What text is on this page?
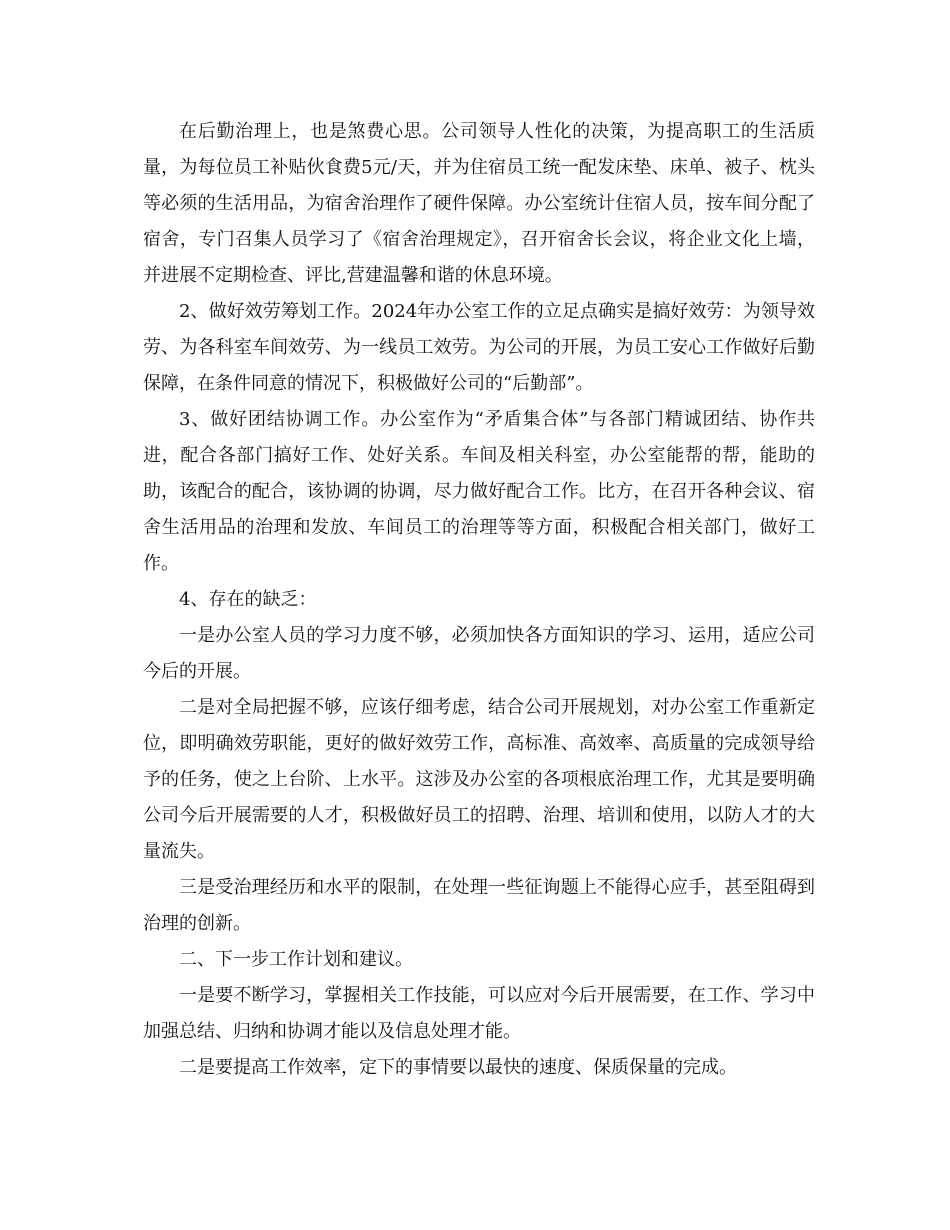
在后勤治理上，也是煞费心思。公司领导人性化的决策，为提高职工的生活质量，为每位员工补贴伙食费5元/天，并为住宿员工统一配发床垫、床单、被子、枕头等必须的生活用品，为宿舍治理作了硬件保障。办公室统计住宿人员，按车间分配了宿舍，专门召集人员学习了《宿舍治理规定》，召开宿舍长会议，将企业文化上墙，并进展不定期检查、评比,营建温馨和谐的休息环境。

2、做好效劳筹划工作。2024年办公室工作的立足点确实是搞好效劳：为领导效劳、为各科室车间效劳、为一线员工效劳。为公司的开展，为员工安心工作做好后勤保障，在条件同意的情况下，积极做好公司的“后勤部”。

3、做好团结协调工作。办公室作为“矛盾集合体”与各部门精诚团结、协作共进，配合各部门搞好工作、处好关系。车间及相关科室，办公室能帮的帮，能助的助，该配合的配合，该协调的协调，尽力做好配合工作。比方，在召开各种会议、宿舍生活用品的治理和发放、车间员工的治理等等方面，积极配合相关部门，做好工作。

4、存在的缺乏：

一是办公室人员的学习力度不够，必须加快各方面知识的学习、运用，适应公司今后的开展。

二是对全局把握不够，应该仔细考虑，结合公司开展规划，对办公室工作重新定位，即明确效劳职能，更好的做好效劳工作，高标准、高效率、高质量的完成领导给予的任务，使之上台阶、上水平。这涉及办公室的各项根底治理工作，尤其是要明确公司今后开展需要的人才，积极做好员工的招聘、治理、培训和使用，以防人才的大量流失。

三是受治理经历和水平的限制，在处理一些征询题上不能得心应手，甚至阻碍到治理的创新。

二、下一步工作计划和建议。

一是要不断学习，掌握相关工作技能，可以应对今后开展需要，在工作、学习中加强总结、归纳和协调才能以及信息处理才能。

二是要提高工作效率，定下的事情要以最快的速度、保质保量的完成。
